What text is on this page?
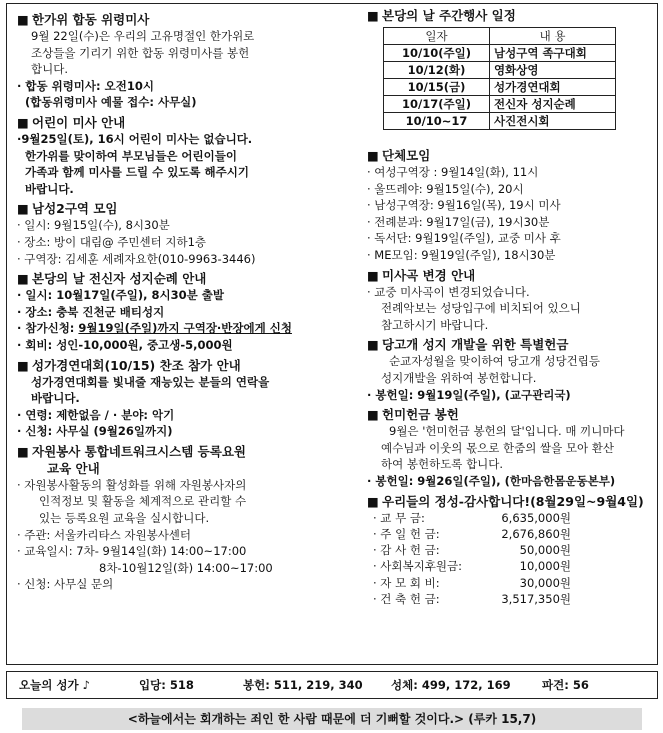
■ 한가위 합동 위령미사
9월 22일(수)은 우리의 고유명절인 한가위로
조상들을 기리기 위한 합동 위령미사를 봉헌
합니다.
· 합동 위령미사: 오전10시
(합동위령미사 예물 접수: 사무실)
■ 어린이 미사 안내
·9월25일(토), 16시 어린이 미사는 없습니다.
한가위를 맞이하여 부모님들은 어린이들이
가족과 함께 미사를 드릴 수 있도록 해주시기
바랍니다.
■ 남성2구역 모임
· 일시: 9월15일(수), 8시30분
· 장소: 방이 대림@ 주민센터 지하1층
· 구역장: 김세훈 세례자요한(010-9963-3446)
■ 본당의 날 전신자 성지순례 안내
· 일시: 10월17일(주일), 8시30분 출발
· 장소: 충북 진천군 배티성지
· 참가신청: 9월19일(주일)까지 구역장·반장에게 신청
· 회비: 성인-10,000원, 중고생-5,000원
■ 성가경연대회(10/15) 찬조 참가 안내
성가경연대회를 빛내줄 재능있는 분들의 연락을
바랍니다.
· 연령: 제한없음 / · 분야: 악기
· 신청: 사무실 (9월26일까지)
■ 자원봉사 통합네트워크시스템 등록요원
교육 안내
· 자원봉사활동의 활성화를 위해 자원봉사자의
인적정보 및 활동을 체계적으로 관리할 수
있는 등록요원 교육을 실시합니다.
· 주관: 서울카리타스 자원봉사센터
· 교육일시: 7차- 9월14일(화) 14:00~17:00
8차-10월12일(화) 14:00~17:00
· 신청: 사무실 문의
■ 본당의 날 주간행사 일정
일자	내 용
10/10(주일)	남성구역 족구대회
10/12(화)	영화상영
10/15(금)	성가경연대회
10/17(주일)	전신자 성지순례
10/10~17	사진전시회
■ 단체모임
· 여성구역장 : 9월14일(화), 11시
· 울뜨레야: 9월15일(수), 20시
· 남성구역장: 9월16일(목), 19시 미사
· 전례분과: 9월17일(금), 19시30분
· 독서단: 9월19일(주일), 교중 미사 후
· ME모임: 9월19일(주일), 18시30분
■ 미사곡 변경 안내
· 교중 미사곡이 변경되었습니다.
전례악보는 성당입구에 비치되어 있으니
참고하시기 바랍니다.
■ 당고개 성지 개발을 위한 특별헌금
순교자성월을 맞이하여 당고개 성당건립등
성지개발을 위하여 봉헌합니다.
· 봉헌일: 9월19일(주일), (교구관리국)
■ 헌미헌금 봉헌
9월은 '헌미헌금 봉헌의 달'입니다. 매 끼니마다
예수님과 이웃의 몫으로 한줌의 쌀을 모아 환산
하여 봉헌하도록 합니다.
· 봉헌일: 9월26일(주일), (한마음한몸운동본부)
■ 우리들의 정성-감사합니다!(8월29일~9월4일)
· 교 무 금:	6,635,000원
· 주 일 헌 금:	2,676,860원
· 감 사 헌 금:	50,000원
· 사회복지후원금:	10,000원
· 자 모 회 비:	30,000원
· 건 축 헌 금:	3,517,350원
오늘의 성가 ♪	입당: 518	봉헌: 511, 219, 340 성체: 499, 172, 169	파견: 56
<하늘에서는 회개하는 죄인 한 사람 때문에 더 기뻐할 것이다.> (루카 15,7)
